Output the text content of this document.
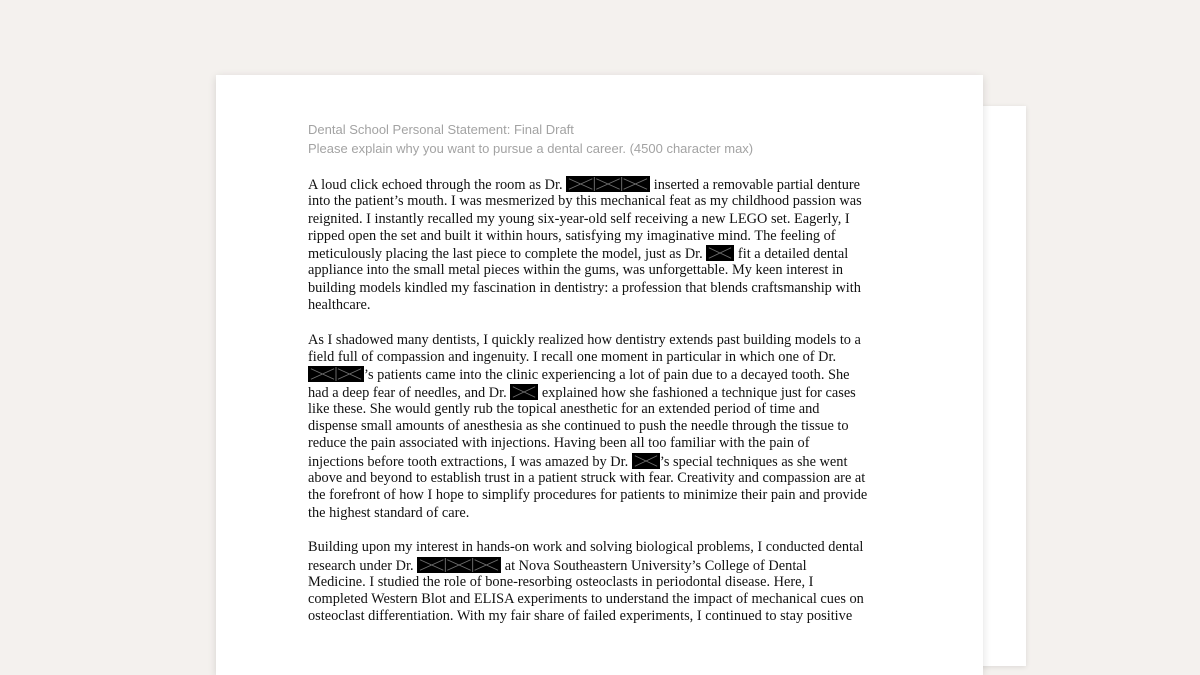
Dental School Personal Statement: Final Draft
Please explain why you want to pursue a dental career. (4500 character max)
A loud click echoed through the room as Dr.	inserted a removable partial denture
into the patient’s mouth. I was mesmerized by this mechanical feat as my childhood passion was
reignited. I instantly recalled my young six-year-old self receiving a new LEGO set. Eagerly, I
ripped open the set and built it within hours, satisfying my imaginative mind. The feeling of
meticulously placing the last piece to complete the model, just as Dr.
fit a detailed dental
appliance into the small metal pieces within the gums, was unforgettable. My keen interest in
building models kindled my fascination in dentistry: a profession that blends craftsmanship with
healthcare.
As I shadowed many dentists, I quickly realized how dentistry extends past building models to a
field full of compassion and ingenuity. I recall one moment in particular in which one of Dr.
’s patients came into the clinic experiencing a lot of pain due to a decayed tooth. She
had a deep fear of needles, and Dr.
explained how she fashioned a technique just for cases
like these. She would gently rub the topical anesthetic for an extended period of time and
dispense small amounts of anesthesia as she continued to push the needle through the tissue to
reduce the pain associated with injections. Having been all too familiar with the pain of
injections before tooth extractions, I was amazed by Dr.
’s special techniques as she went
above and beyond to establish trust in a patient struck with fear. Creativity and compassion are at
the forefront of how I hope to simplify procedures for patients to minimize their pain and provide
the highest standard of care.
Building upon my interest in hands-on work and solving biological problems, I conducted dental
research under Dr.	at Nova Southeastern University’s College of Dental
Medicine. I studied the role of bone-resorbing osteoclasts in periodontal disease. Here, I
completed Western Blot and ELISA experiments to understand the impact of mechanical cues on
osteoclast differentiation. With my fair share of failed experiments, I continued to stay positive
